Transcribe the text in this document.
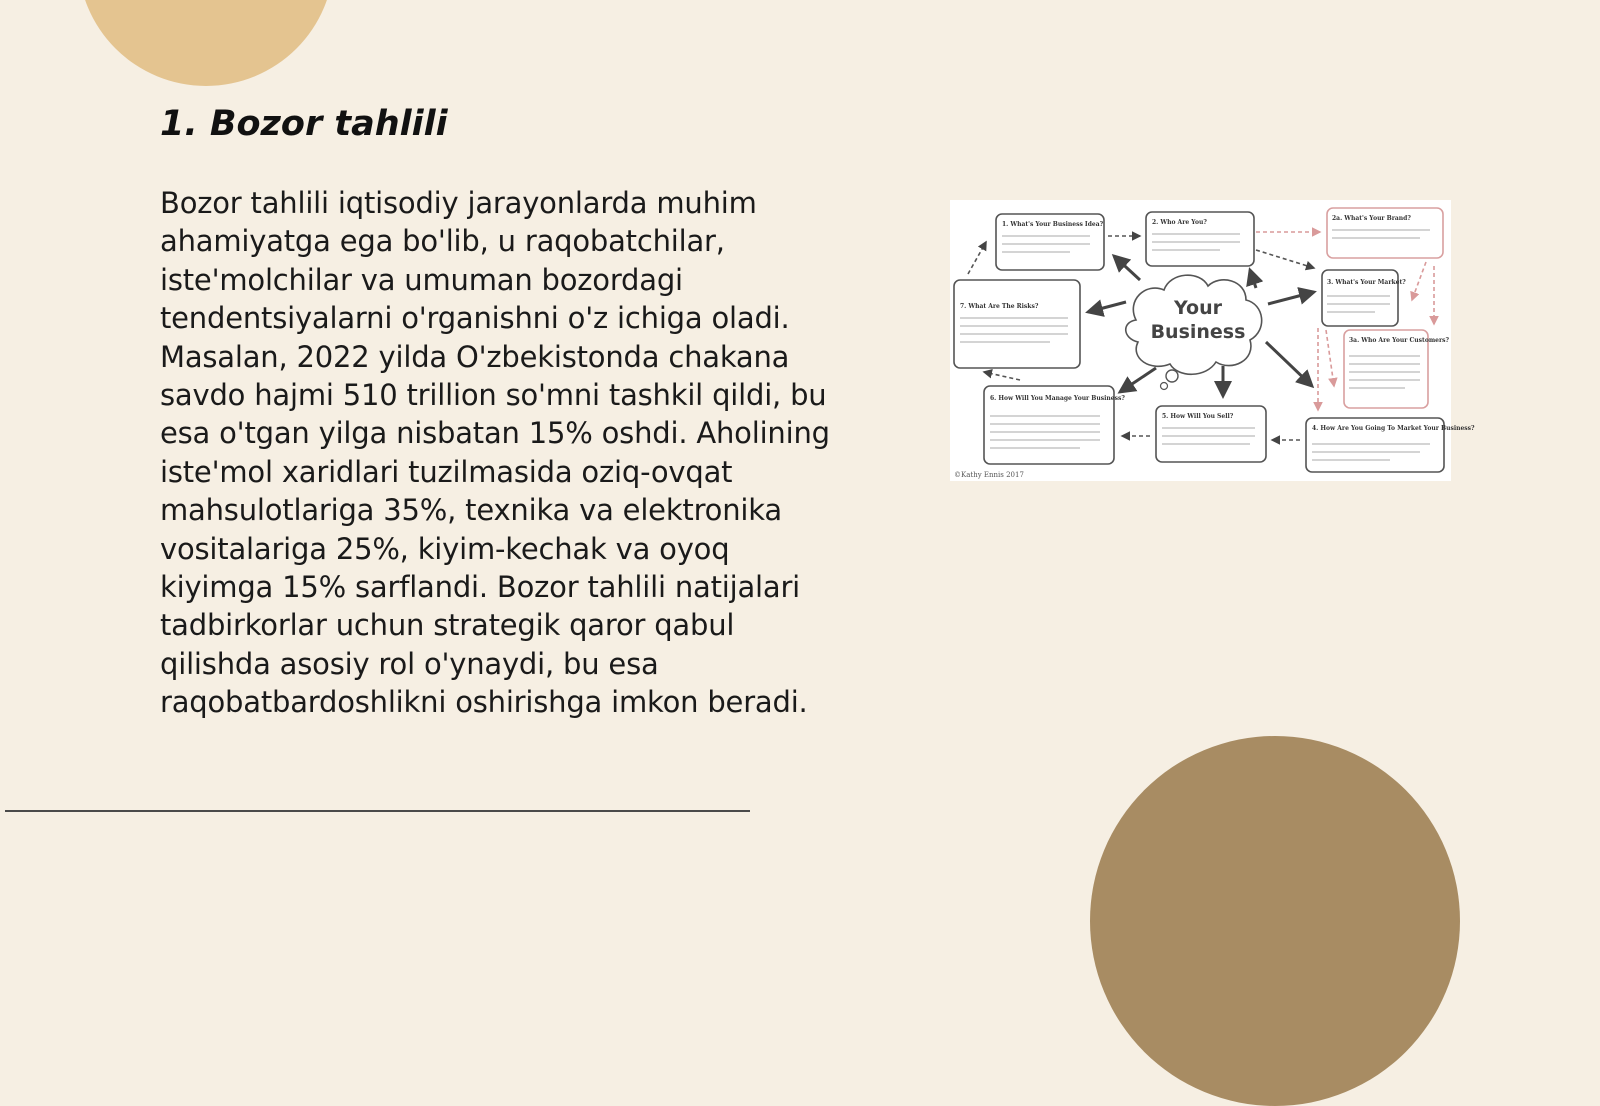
1. Bozor tahlili

Bozor tahlili iqtisodiy jarayonlarda muhim ahamiyatga ega bo'lib, u raqobatchilar, iste'molchilar va umuman bozordagi tendentsiyalarni o'rganishni o'z ichiga oladi. Masalan, 2022 yilda O'zbekistonda chakana savdo hajmi 510 trillion so'mni tashkil qildi, bu esa o'tgan yilga nisbatan 15% oshdi. Aholining iste'mol xaridlari tuzilmasida oziq-ovqat mahsulotlariga 35%, texnika va elektronika vositalariga 25%, kiyim-kechak va oyoq kiyimga 15% sarflandi. Bozor tahlili natijalari tadbirkorlar uchun strategik qaror qabul qilishda asosiy rol o'ynaydi, bu esa raqobatbardoshlikni oshirishga imkon beradi.

1. What's Your Business Idea?	2. Who Are You?
2a. What's Your Brand?
3. What's Your Market?
3a. Who Are Your Customers?
4. How Are You Going To Market Your Business?
5. How Will You Sell?
6. How Will You Manage Your Business?
7. What Are The Risks?	Your
Business
©Kathy Ennis 2017
